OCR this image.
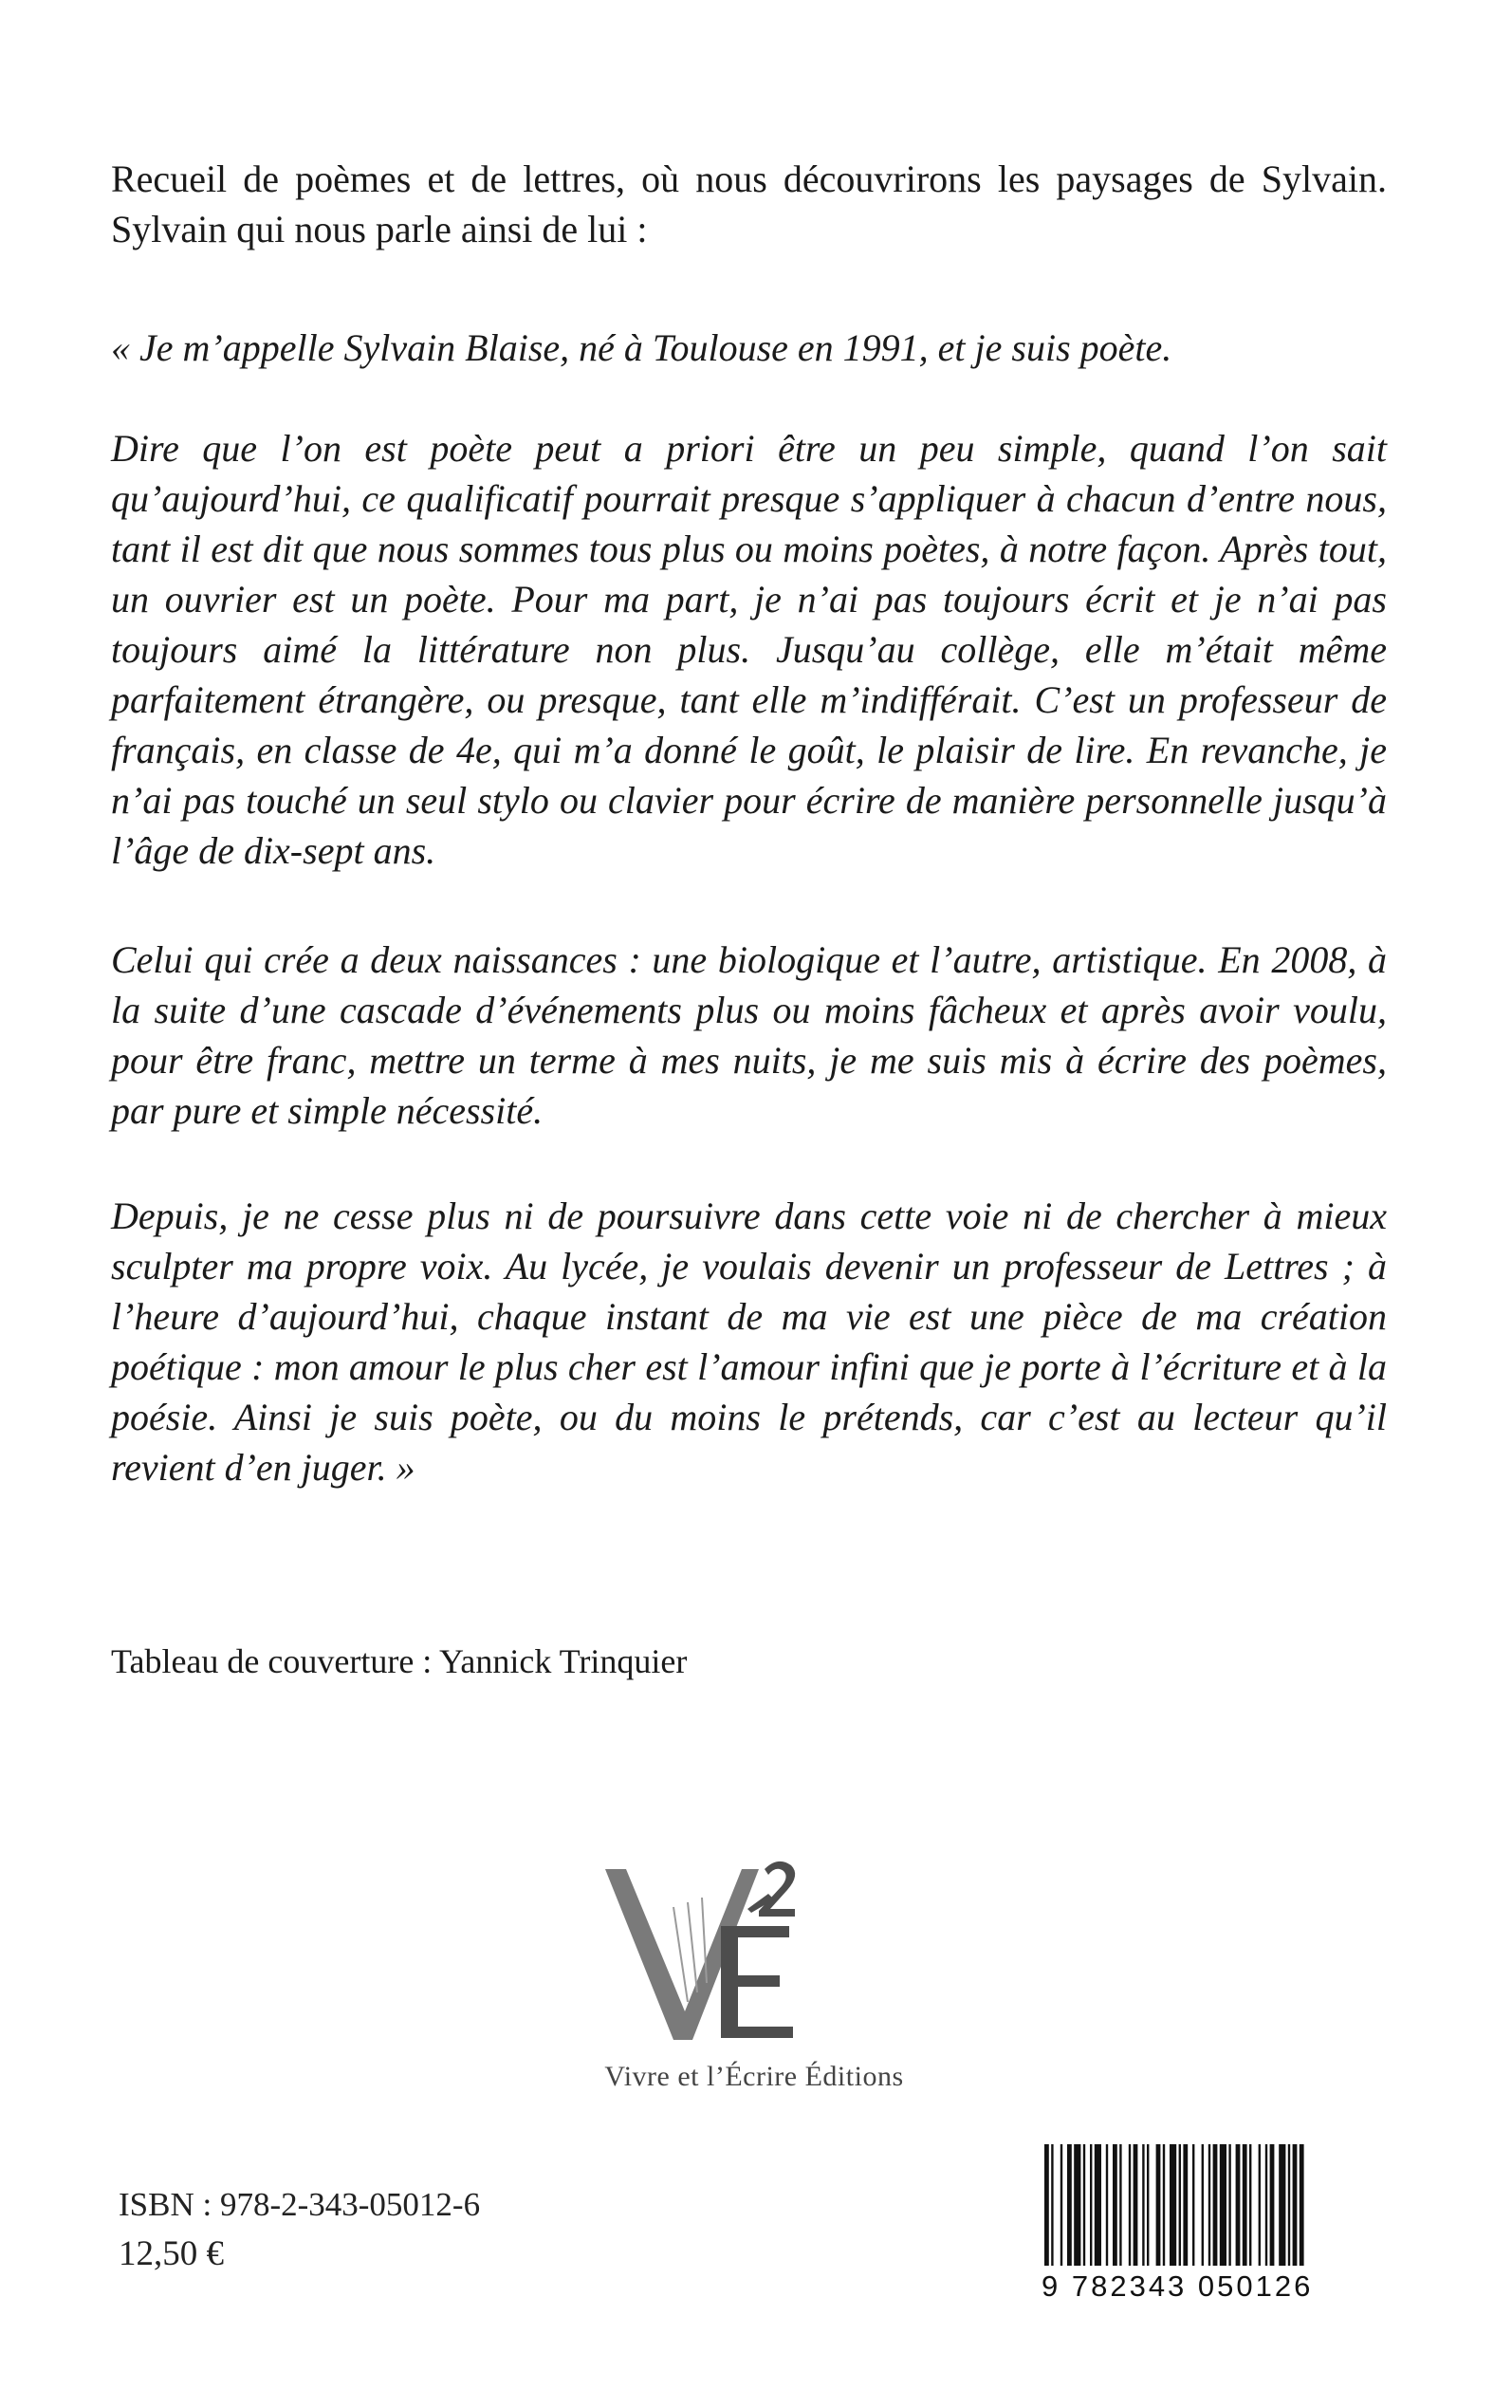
Recueil de poèmes et de lettres, où nous découvrirons les paysages de Sylvain. Sylvain qui nous parle ainsi de lui :

« Je m’appelle Sylvain Blaise, né à Toulouse en 1991, et je suis poète.

Dire que l’on est poète peut a priori être un peu simple, quand l’on sait qu’aujourd’hui, ce qualificatif pourrait presque s’appliquer à chacun d’entre nous, tant il est dit que nous sommes tous plus ou moins poètes, à notre façon. Après tout, un ouvrier est un poète. Pour ma part, je n’ai pas toujours écrit et je n’ai pas toujours aimé la littérature non plus. Jusqu’au collège, elle m’était même parfaitement étrangère, ou presque, tant elle m’indifférait. C’est un professeur de français, en classe de 4e, qui m’a donné le goût, le plaisir de lire. En revanche, je n’ai pas touché un seul stylo ou clavier pour écrire de manière personnelle jusqu’à l’âge de dix-sept ans.

Celui qui crée a deux naissances : une biologique et l’autre, artistique. En 2008, à la suite d’une cascade d’événements plus ou moins fâcheux et après avoir voulu, pour être franc, mettre un terme à mes nuits, je me suis mis à écrire des poèmes, par pure et simple nécessité.

Depuis, je ne cesse plus ni de poursuivre dans cette voie ni de chercher à mieux sculpter ma propre voix. Au lycée, je voulais devenir un professeur de Lettres ; à l’heure d’aujourd’hui, chaque instant de ma vie est une pièce de ma création poétique : mon amour le plus cher est l’amour infini que je porte à l’écriture et à la poésie. Ainsi je suis poète, ou du moins le prétends, car c’est au lecteur qu’il revient d’en juger. »

Tableau de couverture : Yannick Trinquier
Vivre et l’Écrire Éditions
ISBN : 978-2-343-05012-6
12,50 €
9 782343 050126
